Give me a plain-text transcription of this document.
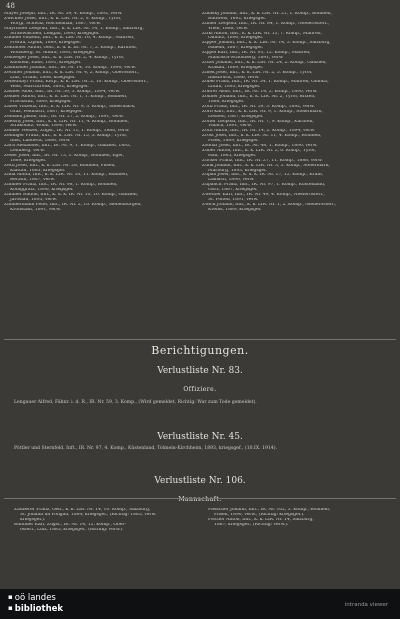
48
Mayer Joseph, Inft., IR. Nr. 59, 4. Komp., 1892, verw.
Zwickler Josef, Inft., k. k. LIR. Nr. 2, 9. Komp., Tyrol,
Wörgl, Schwaz, Reichenhall, 1887, verw.
Mayrhofer Leopold, Inft., k. k. LIR. Nr. 14, 1. Komp., Salzburg,
Straßwalchen, Lengau, 1890, kriegsgef.
Zimmel Vinzenz, Inft., k. k. LIR. Nr. 16, 4. Komp., Mähren,
Prerau, Lipnik, 1889, kriegsgef.
Zeitlhofer Anton, Gefr., k. u. k. IR. Nr. 7, 2. Komp., Kärnten,
Wolfsberg, St. Andrä, 1893, kriegsgef.
Zellweger Josef, Inft., k. k. LIR. Nr. 2, 4. Komp., Tyrol,
Kufstein, Ebbs, 1891, kriegsgef.
Zaunbauer Johann, Inft., IR. Nr. 14, 10. Komp., 1890, verw.
Zechner Johann, Inft., k. k. LIR. Nr. 4, 2. Komp., Oberösterr.,
Linz, Urfahr, 1888, kriegsgef.
Zehetmayr Franz, Korp., k. k. LIR. Nr. 2, 10. Komp., Oberösterr.,
Wels, Marchtrenk, 1892, kriegsgef.
Zauner Alois, Inft., IR. Nr. 59, 3. Komp., 1894, verw.
Zeidler Anton, Inft., k. k. LIR. Nr. 1, 1. Komp., Böhmen,
Prachatitz, 1889, kriegsgef.
Zaisel Vinzenz, Inft., k. k. LIR. Nr. 9, 3. Komp., Steiermark,
Graz, Feldbach, 1887, kriegsgef.
Zemann Jakob, Inft., IR. Nr. 27, 2. Komp., 1891, verw.
Zelezny Josef, Inft., k. k. LIR. Nr. 11, 4. Komp., Böhmen,
Strakonitz, Wolin, 1890, verw.
Zenker Wenzel, Zugsf., IR. Nr. 11, 1. Komp., 1888, verw.
Zeilinger Franz, Inft., k. k. LIR. Nr. 15, 3. Komp., Tyrol,
Imst, Landeck, 1886, verw.
Zach Alexander, Inft., IR. Nr. 9, 1. Komp., Galizien, 1892,
Lemberg, verw.
Zeder Josef, Inft., IR. Nr. 73, 1. Komp., Böhmen, Eger,
1889, kriegsgef.
Zettl Josef, Inft., k. k. LIR. Nr. 28, Böhmen, Pilsen,
Klattau, 1885, kriegsgef.
Zima Anton, Inft., k. k. LIR. Nr. 10, 11. Komp., Böhmen,
Beraun, 1887, verw.
Zimmer Franz, Inft., IR. Nr. 98, 1. Komp., Böhmen,
Königgrätz, 1890, kriegsgef.
Zimmer Rudolf, Inft., k. u. k. IR. Nr. 10, 10. Komp., Galizien,
Jaroslau, 1893, verw.
Zimmermann Peter, Inft., IR. Nr. 2, 10. Komp., Siebenbürgen,
Kronstadt, 1891, verw.
Zilinsky Johann, Inft., k. k. LIR. Nr. 21, 1. Komp., Böhmen,
Budweis, 1892, kriegsgef.
Zinner Leopold, Inft., IR. Nr. 84, 1. Komp., Niederösterr.,
Wien, 1888, verw.
Zirkl Anton, Inft., k. k. LIR. Nr. 13, 7. Komp., Mähren,
Olmütz, 1890, kriegsgef.
Zipper Johann, Inft., k. k. LIR. Nr. 14, 3. Komp., Salzburg,
Hallein, 1887, kriegsgef.
Zippel Karl, Inft., IR. Nr. 93, 12. Komp., Mähren,
Mährisch-Schönberg, 1891, verw.
Zitter Johann, Inft., k. k. LIR. Nr. 24, 2. Komp., Galizien,
Krakau, 1889, kriegsgef.
Zmek Josef, Inft., k. k. LIR. Nr. 2, 5. Komp., Tyrol,
Innsbruck, 1886, verw.
Zobel Franz, Inft., IR. Nr. 54, 1. Komp., Mähren, Olmütz,
Littau, 1893, kriegsgef.
Zöhrer Alois, Inft., IR. Nr. 14, 2. Komp., 1890, verw.
Zöllner Johann, Inft., k. k. LIR. Nr. 2, Tyrol, Brixen,
1888, kriegsgef.
Zöttl Franz, Inft., IR. Nr. 59, 3. Komp., 1892, verw.
Zorn Karl, Inft., k. k. LIR. Nr. 9, 1. Komp., Steiermark,
Leoben, 1887, kriegsgef.
Zotter Leopold, Inft., IR. Nr. 7, 9. Komp., Kärnten,
Villach, 1891, verw.
Zottl Anton, Inft., IR. Nr. 14, 2. Komp., 1894, verw.
Zrost Josef, Inft., k. k. LIR. Nr. 11, 4. Komp., Böhmen,
Pisek, 1889, kriegsgef.
Zsohar Josef, Inft., IR. Nr. 48, 1. Komp., 1890, verw.
Zuber Anton, Inft., k. k. LIR. Nr. 2, 6. Komp., Tyrol,
Hall, 1885, kriegsgef.
Zucker Franz, Inft., IR. Nr. 27, 11. Komp., 1888, verw.
Zunk Johann, Inft., k. k. LIR. Nr. 3, 3. Komp., Steiermark,
Marburg, 1893, kriegsgef.
Zupan Josef, Inft., k. u. k. IR. Nr. 17, 12. Komp., Krain,
Laibach, 1890, verw.
Zupančič Franz, Inft., IR. Nr. 97, 1. Komp., Küstenland,
Görz, 1887, kriegsgef.
Zwettler Karl, Inft., IR. Nr. 49, 4. Komp., Niederösterr.,
St. Pölten, 1891, verw.
Zwick Johann, Inft., k. k. LIR. Nr. 1, 2. Komp., Niederösterr.,
Krems, 1889, kriegsgef.
Berichtigungen.
Verlustliste Nr. 83.
Offiziere.
Lengauer Alfred, Fähnr. i. d. R., IR. Nr. 59, 3. Komp., (Wird gemeldet, Richtig: War zum Tode gemeldet).
Verlustliste Nr. 45.
Pöttler und Sternfeld, Inft., IR. Nr. 97, 4. Komp., Küstenland, Tolmein-Kirchheim, 1893, kriegsgef., (10.IX. 1914).
Verlustliste Nr. 106.
Mannschaft.
Zauberer Franz, Gefr., k. k. LIR. Nr. 14, 10. Komp., Salzburg,
St. Johann im Pongau, 1884, kriegsgef., (Richtig: 1885, verw.
kriegsgef.).
Bulhmer Karl, Zugsf., IR. Nr. 14, 12. Komp., Ober-
österr., Linz, 1885, kriegsgef., (Richtig: verw.).
Fleischer Johann, Inft., IR. Nr. 102, 3. Komp., Böhmen,
Pilsen, 1890, verw., (Richtig: kriegsgef.).
Fischer Anton, Inft., k. k. LIR. Nr. 14, Salzburg,
1887, kriegsgef., (Richtig: verw.).
▪ oö landes
▪ bibliothek	intranda viewer
